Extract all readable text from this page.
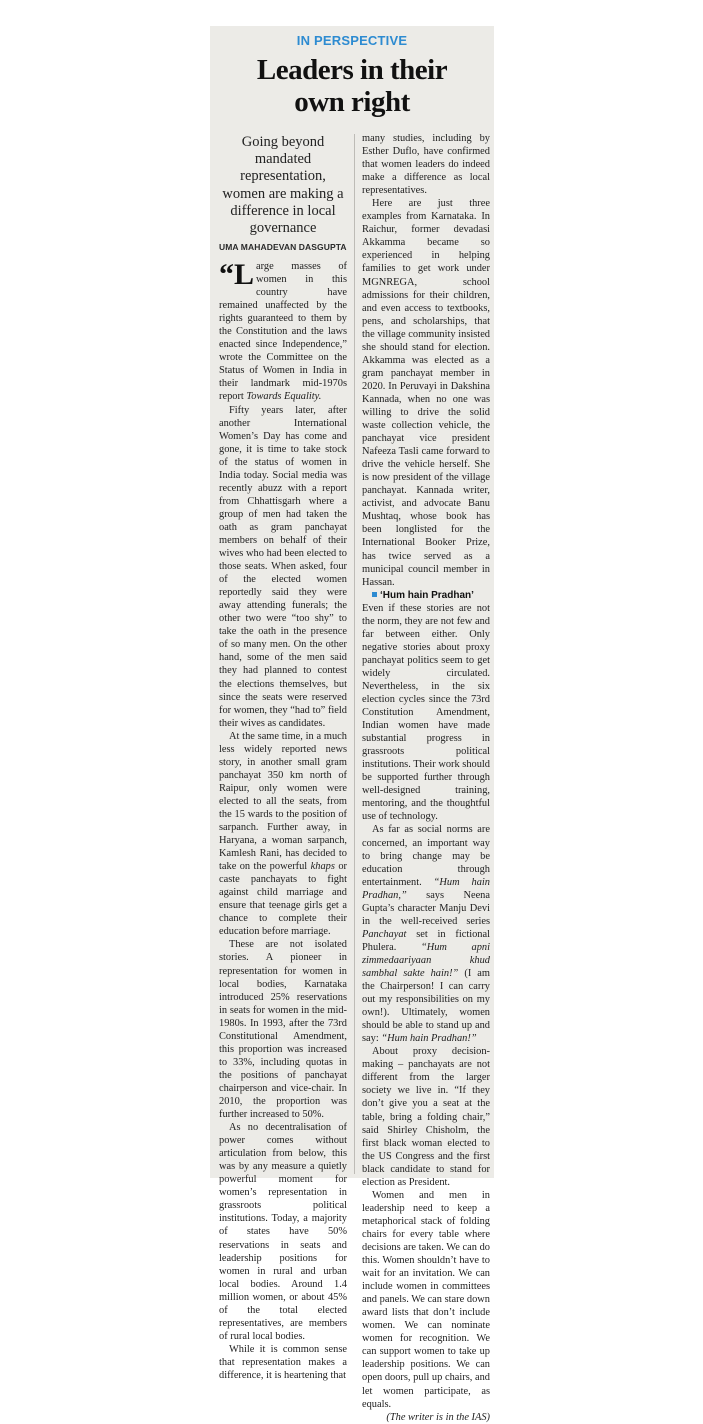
IN PERSPECTIVE
Leaders in their
own right
Going beyond mandated representation, women are making a difference in local governance
UMA MAHADEVAN DASGUPTA

“Large masses of women in this country have remained unaffected by the rights guaranteed to them by the Constitution and the laws enacted since Independence,” wrote the Committee on the Status of Women in India in their landmark mid-1970s report Towards Equality.

Fifty years later, after another International Women’s Day has come and gone, it is time to take stock of the status of women in India today. Social media was recently abuzz with a report from Chhattisgarh where a group of men had taken the oath as gram panchayat members on behalf of their wives who had been elected to those seats. When asked, four of the elected women reportedly said they were away attending funerals; the other two were “too shy” to take the oath in the presence of so many men. On the other hand, some of the men said they had planned to contest the elections themselves, but since the seats were reserved for women, they “had to” field their wives as candidates.

At the same time, in a much less widely reported news story, in another small gram panchayat 350 km north of Raipur, only women were elected to all the seats, from the 15 wards to the position of sarpanch. Further away, in Haryana, a woman sarpanch, Kamlesh Rani, has decided to take on the powerful khaps or caste panchayats to fight against child marriage and ensure that teenage girls get a chance to complete their education before marriage.

These are not isolated stories. A pioneer in representation for women in local bodies, Karnataka introduced 25% reservations in seats for women in the mid-1980s. In 1993, after the 73rd Constitutional Amendment, this proportion was increased to 33%, including quotas in the positions of panchayat chairperson and vice-chair. In 2010, the proportion was further increased to 50%.

As no decentralisation of power comes without articulation from below, this was by any measure a quietly powerful moment for women’s representation in grassroots political institutions. Today, a majority of states have 50% reservations in seats and leadership positions for women in rural and urban local bodies. Around 1.4 million women, or about 45% of the total elected representatives, are members of rural local bodies.

While it is common sense that representation makes a difference, it is heartening that

many studies, including by Esther Duflo, have confirmed that women leaders do indeed make a difference as local representatives.

Here are just three examples from Karnataka. In Raichur, former devadasi Akkamma became so experienced in helping families to get work under MGNREGA, school admissions for their children, and even access to textbooks, pens, and scholarships, that the village community insisted she should stand for election. Akkamma was elected as a gram panchayat member in 2020. In Peruvayi in Dakshina Kannada, when no one was willing to drive the solid waste collection vehicle, the panchayat vice president Nafeeza Tasli came forward to drive the vehicle herself. She is now president of the village panchayat. Kannada writer, activist, and advocate Banu Mushtaq, whose book has been longlisted for the International Booker Prize, has twice served as a municipal council member in Hassan.

‘Hum hain Pradhan’

Even if these stories are not the norm, they are not few and far between either. Only negative stories about proxy panchayat politics seem to get widely circulated. Nevertheless, in the six election cycles since the 73rd Constitution Amendment, Indian women have made substantial progress in grassroots political institutions. Their work should be supported further through well-designed training, mentoring, and the thoughtful use of technology.

As far as social norms are concerned, an important way to bring change may be education through entertainment. “Hum hain Pradhan,” says Neena Gupta’s character Manju Devi in the well-received series Panchayat set in fictional Phulera. “Hum apni zimmedaariyaan khud sambhal sakte hain!” (I am the Chairperson! I can carry out my responsibilities on my own!). Ultimately, women should be able to stand up and say: “Hum hain Pradhan!”

About proxy decision-making – panchayats are not different from the larger society we live in. “If they don’t give you a seat at the table, bring a folding chair,” said Shirley Chisholm, the first black woman elected to the US Congress and the first black candidate to stand for election as President.

Women and men in leadership need to keep a metaphorical stack of folding chairs for every table where decisions are taken. We can do this. Women shouldn’t have to wait for an invitation. We can include women in committees and panels. We can stare down award lists that don’t include women. We can nominate women for recognition. We can support women to take up leadership positions. We can open doors, pull up chairs, and let women participate, as equals.

(The writer is in the IAS)
